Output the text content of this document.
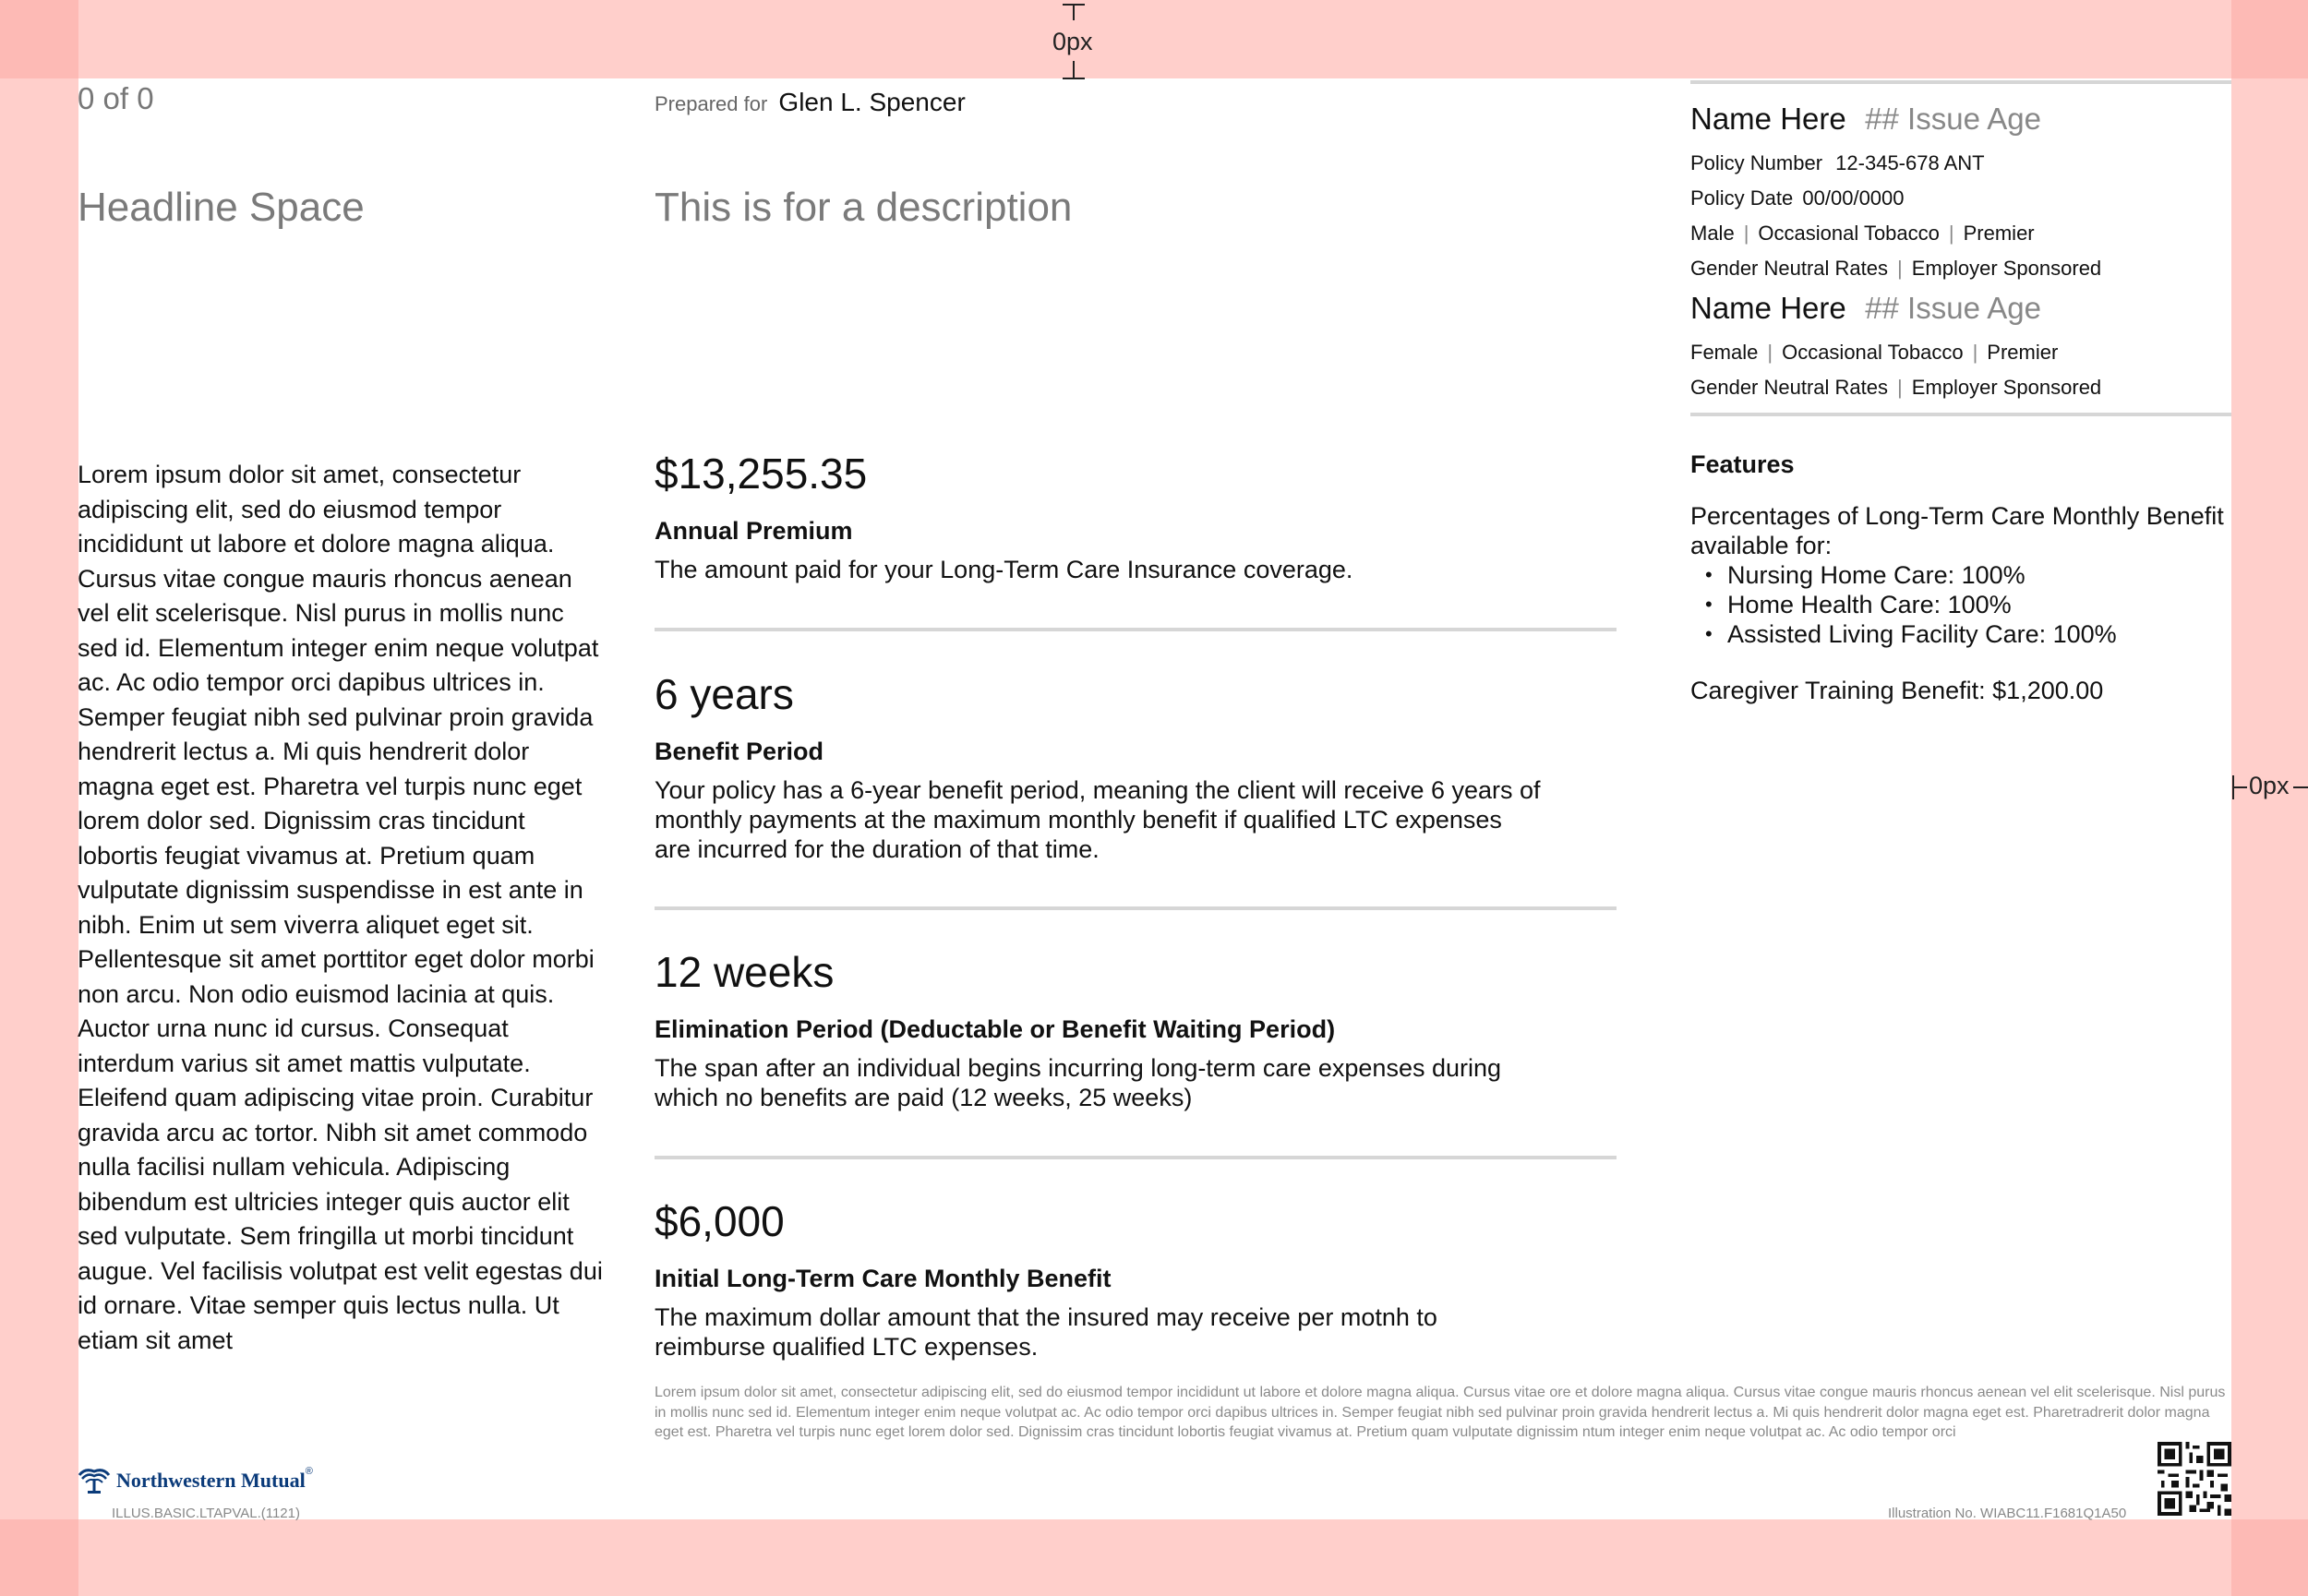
0px
0px
0 of 0	Prepared for Glen L. Spencer
Headline Space	This is for a description
Lorem ipsum dolor sit amet, consectetur adipiscing elit, sed do eiusmod tempor incididunt ut labore et dolore magna aliqua. Cursus vitae congue mauris rhoncus aenean vel elit scelerisque. Nisl purus in mollis nunc sed id. Elementum integer enim neque volutpat ac. Ac odio tempor orci dapibus ultrices in. Semper feugiat nibh sed pulvinar proin gravida hendrerit lectus a. Mi quis hendrerit dolor magna eget est. Pharetra vel turpis nunc eget lorem dolor sed. Dignissim cras tincidunt lobortis feugiat vivamus at. Pretium quam vulputate dignissim suspendisse in est ante in nibh. Enim ut sem viverra aliquet eget sit. Pellentesque sit amet porttitor eget dolor morbi non arcu. Non odio euismod lacinia at quis. Auctor urna nunc id cursus. Consequat interdum varius sit amet mattis vulputate. Eleifend quam adipiscing vitae proin. Curabitur gravida arcu ac tortor. Nibh sit amet commodo nulla facilisi nullam vehicula. Adipiscing bibendum est ultricies integer quis auctor elit sed vulputate. Sem fringilla ut morbi tincidunt augue. Vel facilisis volutpat est velit egestas dui id ornare. Vitae semper quis lectus nulla. Ut etiam sit amet
$13,255.35
Annual Premium
The amount paid for your Long-Term Care Insurance coverage.
6 years
Benefit Period
Your policy has a 6-year benefit period, meaning the client will receive 6 years of monthly payments at the maximum monthly benefit if qualified LTC expenses are incurred for the duration of that time.
12 weeks
Elimination Period (Deductable or Benefit Waiting Period)
The span after an individual begins incurring long-term care expenses during which no benefits are paid (12 weeks, 25 weeks)
$6,000
Initial Long-Term Care Monthly Benefit
The maximum dollar amount that the insured may receive per motnh to reimburse qualified LTC expenses.
Name Here ## Issue Age
Policy Number 12-345-678 ANT
Policy Date 00/00/0000
Male | Occasional Tobacco | Premier
Gender Neutral Rates | Employer Sponsored
Name Here ## Issue Age
Female | Occasional Tobacco | Premier
Gender Neutral Rates | Employer Sponsored
Features
Percentages of Long-Term Care Monthly Benefit available for:
• Nursing Home Care: 100%
• Home Health Care: 100%
• Assisted Living Facility Care: 100%
Caregiver Training Benefit: $1,200.00
Lorem ipsum dolor sit amet, consectetur adipiscing elit, sed do eiusmod tempor incididunt ut labore et dolore magna aliqua. Cursus vitae ore et dolore magna aliqua. Cursus vitae congue mauris rhoncus aenean vel elit scelerisque. Nisl purus in mollis nunc sed id. Elementum integer enim neque volutpat ac. Ac odio tempor orci dapibus ultrices in. Semper feugiat nibh sed pulvinar proin gravida hendrerit lectus a. Mi quis hendrerit dolor magna eget est. Pharetradrerit dolor magna eget est. Pharetra vel turpis nunc eget lorem dolor sed. Dignissim cras tincidunt lobortis feugiat vivamus at. Pretium quam vulputate dignissim ntum integer enim neque volutpat ac. Ac odio tempor orci
Northwestern Mutual ®
ILLUS.BASIC.LTAPVAL.(1121)	Illustration No. WIABC11.F1681Q1A50
